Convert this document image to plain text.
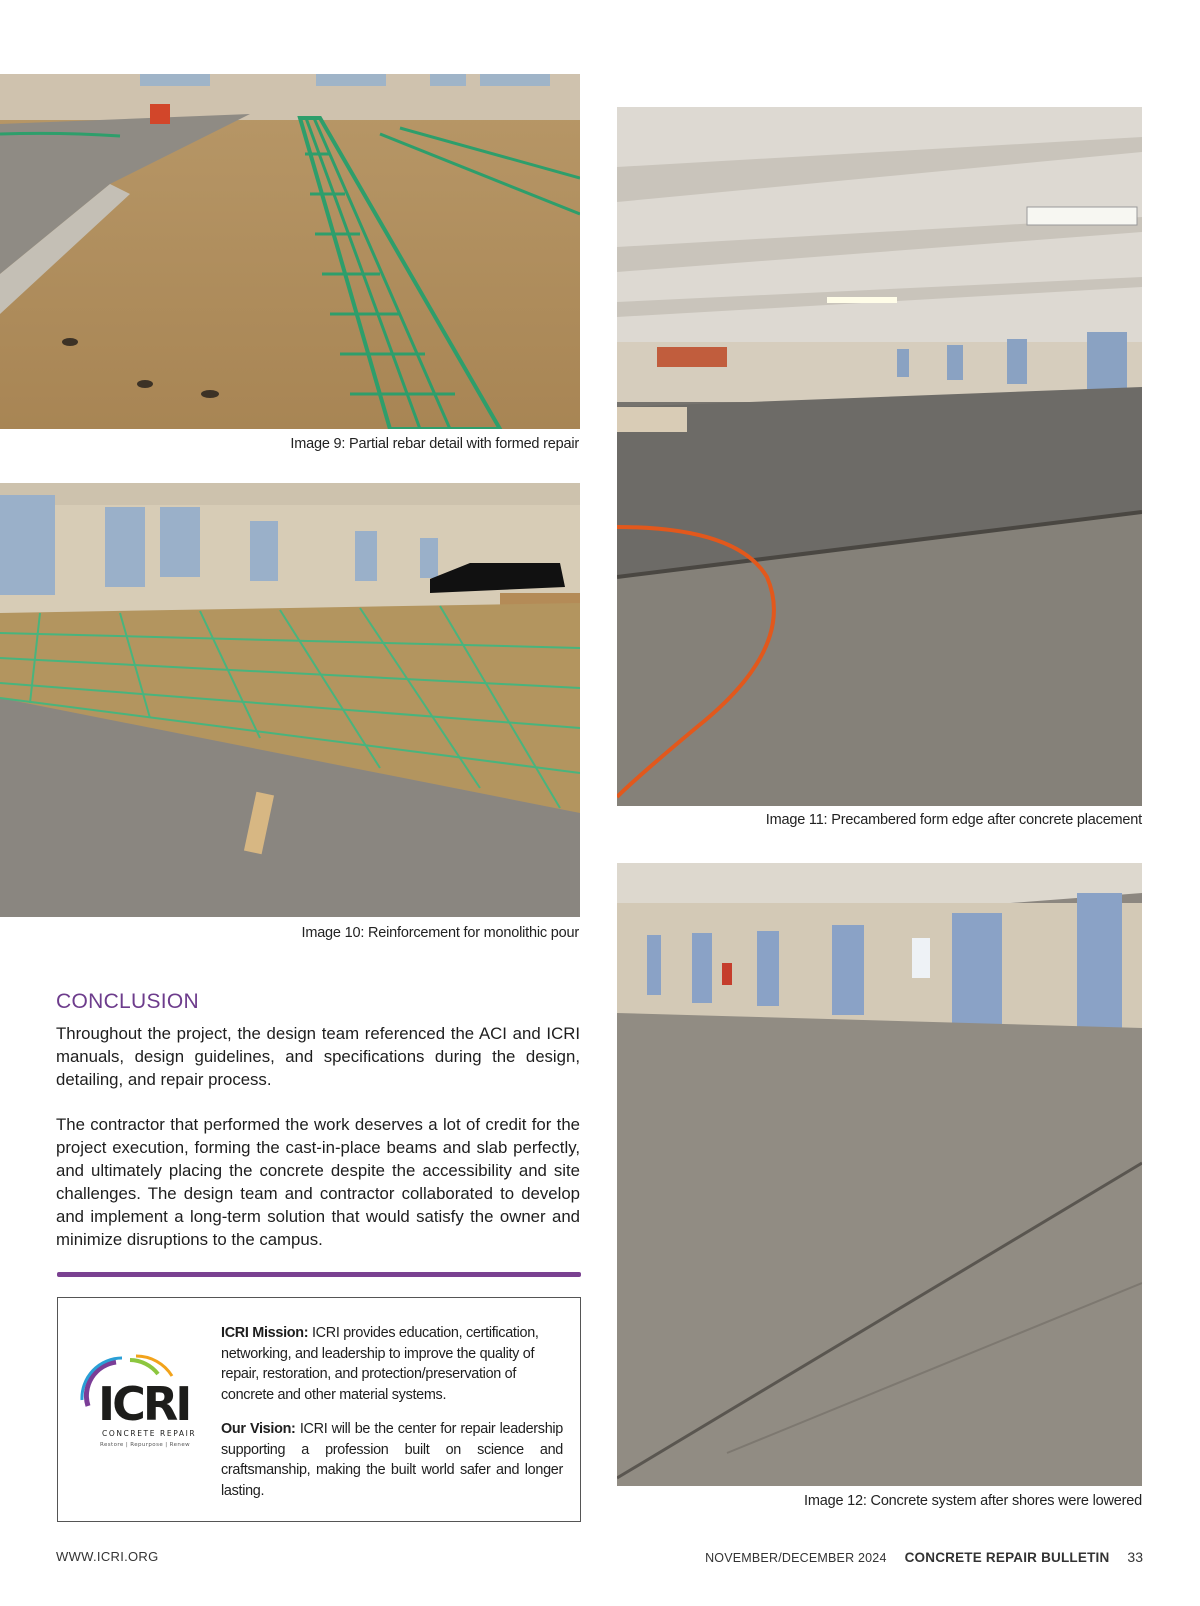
Image 9: Partial rebar detail with formed repair
Image 10: Reinforcement for monolithic pour
Image 11: Precambered form edge after concrete placement
Image 12: Concrete system after shores were lowered
CONCLUSION

Throughout the project, the design team referenced the ACI and ICRI manuals, design guidelines, and specifications during the design, detailing, and repair process.

The contractor that performed the work deserves a lot of credit for the project execution, forming the cast-in-place beams and slab perfectly, and ultimately placing the concrete despite the accessibility and site challenges. The design team and contractor collaborated to develop and implement a long-term solution that would satisfy the owner and minimize disruptions to the campus.

ICRI
CONCRETE REPAIR
Restore | Repurpose | Renew

ICRI Mission: ICRI provides education, certification, networking, and leadership to improve the quality of repair, restoration, and protection/preservation of concrete and other material systems.

Our Vision: ICRI will be the center for repair leadership supporting a profession built on science and craftsmanship, making the built world safer and longer lasting.

WWW.ICRI.ORG	NOVEMBER/DECEMBER 2024 CONCRETE REPAIR BULLETIN 33
